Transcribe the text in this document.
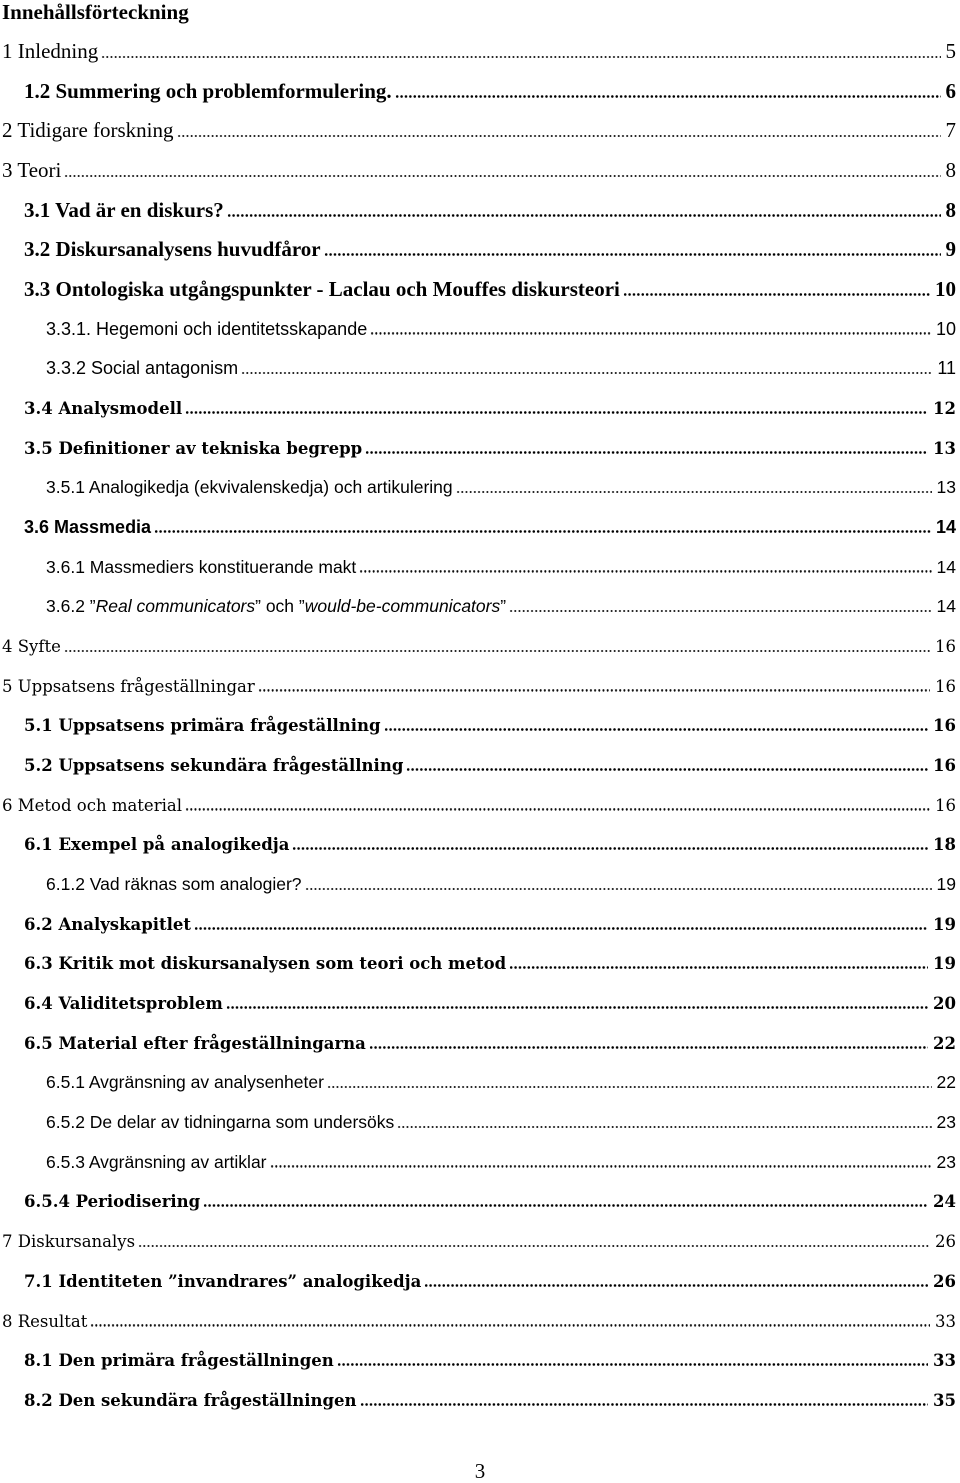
Innehållsförteckning
1 Inledning	5
1.2 Summering och problemformulering.	6
2 Tidigare forskning	7
3 Teori	8
3.1 Vad är en diskurs?	8
3.2 Diskursanalysens huvudfåror	9
3.3 Ontologiska utgångspunkter - Laclau och Mouffes diskursteori	10
3.3.1. Hegemoni och identitetsskapande	10
3.3.2 Social antagonism	11
3.4 Analysmodell	12
3.5 Definitioner av tekniska begrepp	13
3.5.1 Analogikedja (ekvivalenskedja) och artikulering	13
3.6 Massmedia	14
3.6.1 Massmediers konstituerande makt	14
3.6.2 ”Real communicators” och ”would-be-communicators”	14
4 Syfte	16
5 Uppsatsens frågeställningar	16
5.1 Uppsatsens primära frågeställning	16
5.2 Uppsatsens sekundära frågeställning	16
6 Metod och material	16
6.1 Exempel på analogikedja	18
6.1.2 Vad räknas som analogier?	19
6.2 Analyskapitlet	19
6.3 Kritik mot diskursanalysen som teori och metod	19
6.4 Validitetsproblem	20
6.5 Material efter frågeställningarna	22
6.5.1 Avgränsning av analysenheter	22
6.5.2 De delar av tidningarna som undersöks	23
6.5.3 Avgränsning av artiklar	23
6.5.4 Periodisering	24
7 Diskursanalys	26
7.1 Identiteten ”invandrares” analogikedja	26
8 Resultat	33
8.1 Den primära frågeställningen	33
8.2 Den sekundära frågeställningen	35
3
